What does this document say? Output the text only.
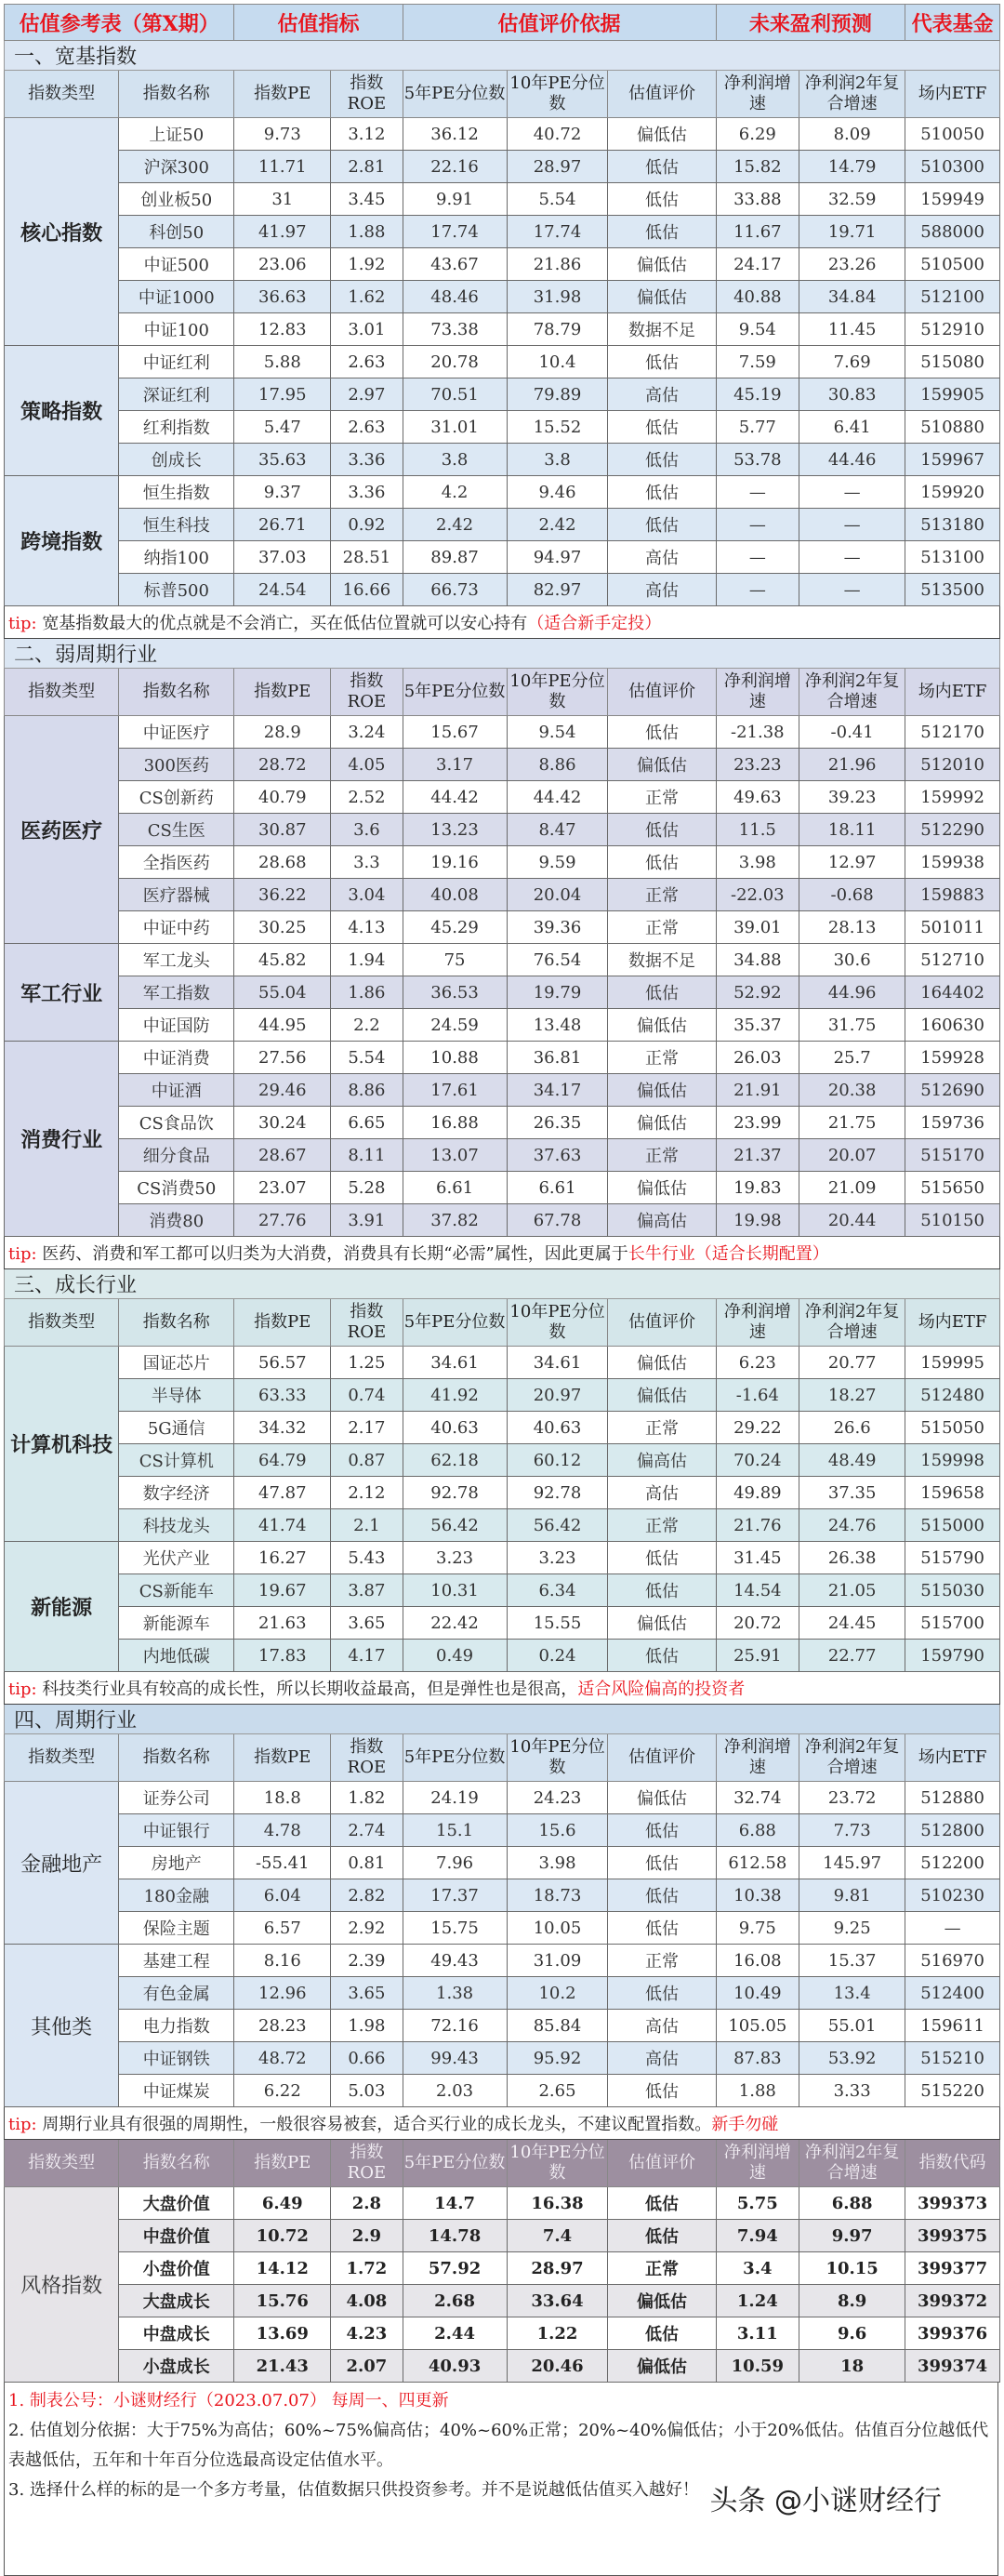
估值参考表（第X期）		估值指标		估值评价依据			未来盈利预测		代表基金
一、宽基指数									
指数类型	指数名称	指数PE	指数ROE	5年PE分位数	10年PE分位数	估值评价	净利润增速	净利润2年复合增速	场内ETF
核心指数	上证50	9.73	3.12	36.12	40.72	偏低估	6.29	8.09	510050
	沪深300	11.71	2.81	22.16	28.97	低估	15.82	14.79	510300
	创业板50	31	3.45	9.91	5.54	低估	33.88	32.59	159949
	科创50	41.97	1.88	17.74	17.74	低估	11.67	19.71	588000
	中证500	23.06	1.92	43.67	21.86	偏低估	24.17	23.26	510500
	中证1000	36.63	1.62	48.46	31.98	偏低估	40.88	34.84	512100
	中证100	12.83	3.01	73.38	78.79	数据不足	9.54	11.45	512910
策略指数	中证红利	5.88	2.63	20.78	10.4	低估	7.59	7.69	515080
	深证红利	17.95	2.97	70.51	79.89	高估	45.19	30.83	159905
	红利指数	5.47	2.63	31.01	15.52	低估	5.77	6.41	510880
	创成长	35.63	3.36	3.8	3.8	低估	53.78	44.46	159967
跨境指数	恒生指数	9.37	3.36	4.2	9.46	低估	—	—	159920
	恒生科技	26.71	0.92	2.42	2.42	低估	—	—	513180
	纳指100	37.03	28.51	89.87	94.97	高估	—	—	513100
	标普500	24.54	16.66	66.73	82.97	高估	—	—	513500
tip: 宽基指数最大的优点就是不会消亡，买在低估位置就可以安心持有（适合新手定投）									
二、弱周期行业									
指数类型	指数名称	指数PE	指数ROE	5年PE分位数	10年PE分位数	估值评价	净利润增速	净利润2年复合增速	场内ETF
医药医疗	中证医疗	28.9	3.24	15.67	9.54	低估	-21.38	-0.41	512170
	300医药	28.72	4.05	3.17	8.86	偏低估	23.23	21.96	512010
	CS创新药	40.79	2.52	44.42	44.42	正常	49.63	39.23	159992
	CS生医	30.87	3.6	13.23	8.47	低估	11.5	18.11	512290
	全指医药	28.68	3.3	19.16	9.59	低估	3.98	12.97	159938
	医疗器械	36.22	3.04	40.08	20.04	正常	-22.03	-0.68	159883
	中证中药	30.25	4.13	45.29	39.36	正常	39.01	28.13	501011
军工行业	军工龙头	45.82	1.94	75	76.54	数据不足	34.88	30.6	512710
	军工指数	55.04	1.86	36.53	19.79	低估	52.92	44.96	164402
	中证国防	44.95	2.2	24.59	13.48	偏低估	35.37	31.75	160630
消费行业	中证消费	27.56	5.54	10.88	36.81	正常	26.03	25.7	159928
	中证酒	29.46	8.86	17.61	34.17	偏低估	21.91	20.38	512690
	CS食品饮	30.24	6.65	16.88	26.35	偏低估	23.99	21.75	159736
	细分食品	28.67	8.11	13.07	37.63	正常	21.37	20.07	515170
	CS消费50	23.07	5.28	6.61	6.61	偏低估	19.83	21.09	515650
	消费80	27.76	3.91	37.82	67.78	偏高估	19.98	20.44	510150
tip: 医药、消费和军工都可以归类为大消费，消费具有长期“必需”属性，因此更属于长牛行业（适合长期配置）									
三、成长行业									
指数类型	指数名称	指数PE	指数ROE	5年PE分位数	10年PE分位数	估值评价	净利润增速	净利润2年复合增速	场内ETF
计算机科技	国证芯片	56.57	1.25	34.61	34.61	偏低估	6.23	20.77	159995
	半导体	63.33	0.74	41.92	20.97	偏低估	-1.64	18.27	512480
	5G通信	34.32	2.17	40.63	40.63	正常	29.22	26.6	515050
	CS计算机	64.79	0.87	62.18	60.12	偏高估	70.24	48.49	159998
	数字经济	47.87	2.12	92.78	92.78	高估	49.89	37.35	159658
	科技龙头	41.74	2.1	56.42	56.42	正常	21.76	24.76	515000
新能源	光伏产业	16.27	5.43	3.23	3.23	低估	31.45	26.38	515790
	CS新能车	19.67	3.87	10.31	6.34	低估	14.54	21.05	515030
	新能源车	21.63	3.65	22.42	15.55	偏低估	20.72	24.45	515700
	内地低碳	17.83	4.17	0.49	0.24	低估	25.91	22.77	159790
tip: 科技类行业具有较高的成长性，所以长期收益最高，但是弹性也是很高，适合风险偏高的投资者									
四、周期行业									
指数类型	指数名称	指数PE	指数ROE	5年PE分位数	10年PE分位数	估值评价	净利润增速	净利润2年复合增速	场内ETF
金融地产	证券公司	18.8	1.82	24.19	24.23	偏低估	32.74	23.72	512880
	中证银行	4.78	2.74	15.1	15.6	低估	6.88	7.73	512800
	房地产	-55.41	0.81	7.96	3.98	低估	612.58	145.97	512200
	180金融	6.04	2.82	17.37	18.73	低估	10.38	9.81	510230
	保险主题	6.57	2.92	15.75	10.05	低估	9.75	9.25	—
其他类	基建工程	8.16	2.39	49.43	31.09	正常	16.08	15.37	516970
	有色金属	12.96	3.65	1.38	10.2	低估	10.49	13.4	512400
	电力指数	28.23	1.98	72.16	85.84	高估	105.05	55.01	159611
	中证钢铁	48.72	0.66	99.43	95.92	高估	87.83	53.92	515210
	中证煤炭	6.22	5.03	2.03	2.65	低估	1.88	3.33	515220
tip: 周期行业具有很强的周期性，一般很容易被套，适合买行业的成长龙头，不建议配置指数。新手勿碰									
指数类型	指数名称	指数PE	指数ROE	5年PE分位数	10年PE分位数	估值评价	净利润增速	净利润2年复合增速	指数代码
风格指数	大盘价值	6.49	2.8	14.7	16.38	低估	5.75	6.88	399373
	中盘价值	10.72	2.9	14.78	7.4	低估	7.94	9.97	399375
	小盘价值	14.12	1.72	57.92	28.97	正常	3.4	10.15	399377
	大盘成长	15.76	4.08	2.68	33.64	偏低估	1.24	8.9	399372
	中盘成长	13.69	4.23	2.44	1.22	低估	3.11	9.6	399376
	小盘成长	21.43	2.07	40.93	20.46	偏低估	10.59	18	399374
1. 制表公号：小谜财经行（2023.07.07） 每周一、四更新
2. 估值划分依据：大于75%为高估；60%~75%偏高估；40%~60%正常；20%~40%偏低估；小于20%低估。估值百分位越低代表越低估，五年和十年百分位选最高设定估值水平。
3. 选择什么样的标的是一个多方考量，估值数据只供投资参考。并不是说越低估值买入越好！ 头条 @小谜财经行
